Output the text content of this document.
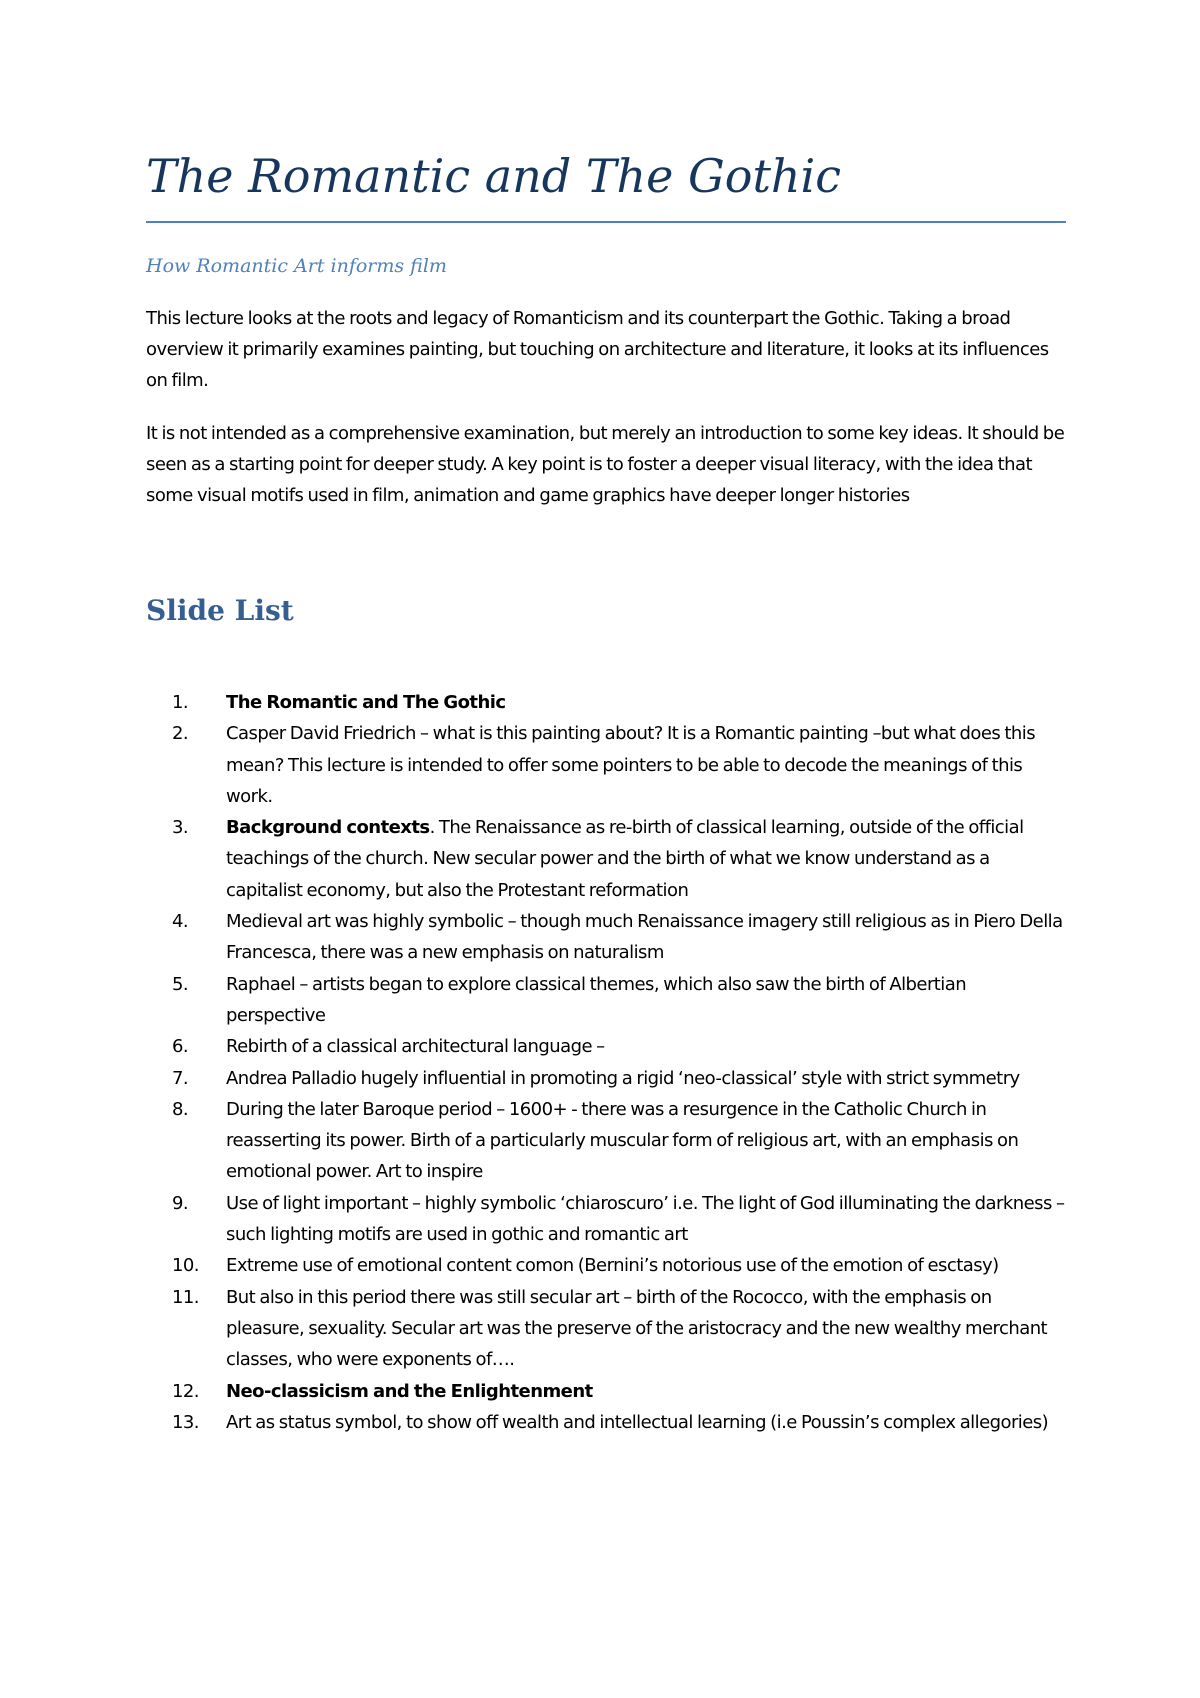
The Romantic and The Gothic

How Romantic Art informs film

This lecture looks at the roots and legacy of Romanticism and its counterpart the Gothic. Taking a broad overview it primarily examines painting, but touching on architecture and literature, it looks at its influences on film.

It is not intended as a comprehensive examination, but merely an introduction to some key ideas. It should be seen as a starting point for deeper study. A key point is to foster a deeper visual literacy, with the idea that some visual motifs used in film, animation and game graphics have deeper longer histories

Slide List
1.	The Romantic and The Gothic
2.	Casper David Friedrich – what is this painting about? It is a Romantic painting –but what does this mean? This lecture is intended to offer some pointers to be able to decode the meanings of this work.
3.	Background contexts. The Renaissance as re-birth of classical learning, outside of the official teachings of the church. New secular power and the birth of what we know understand as a capitalist economy, but also the Protestant reformation
4.	Medieval art was highly symbolic – though much Renaissance imagery still religious as in Piero Della Francesca, there was a new emphasis on naturalism
5.	Raphael – artists began to explore classical themes, which also saw the birth of Albertian perspective
6.	Rebirth of a classical architectural language –
7.	Andrea Palladio hugely influential in promoting a rigid ‘neo-classical’ style with strict symmetry
8.	During the later Baroque period – 1600+ - there was a resurgence in the Catholic Church in reasserting its power. Birth of a particularly muscular form of religious art, with an emphasis on emotional power. Art to inspire
9.	Use of light important – highly symbolic ‘chiaroscuro’ i.e. The light of God illuminating the darkness – such lighting motifs are used in gothic and romantic art
10.	Extreme use of emotional content comon (Bernini’s notorious use of the emotion of esctasy)
11.	But also in this period there was still secular art – birth of the Rococco, with the emphasis on pleasure, sexuality. Secular art was the preserve of the aristocracy and the new wealthy merchant classes, who were exponents of….
12.	Neo-classicism and the Enlightenment
13.	Art as status symbol, to show off wealth and intellectual learning (i.e Poussin’s complex allegories)
